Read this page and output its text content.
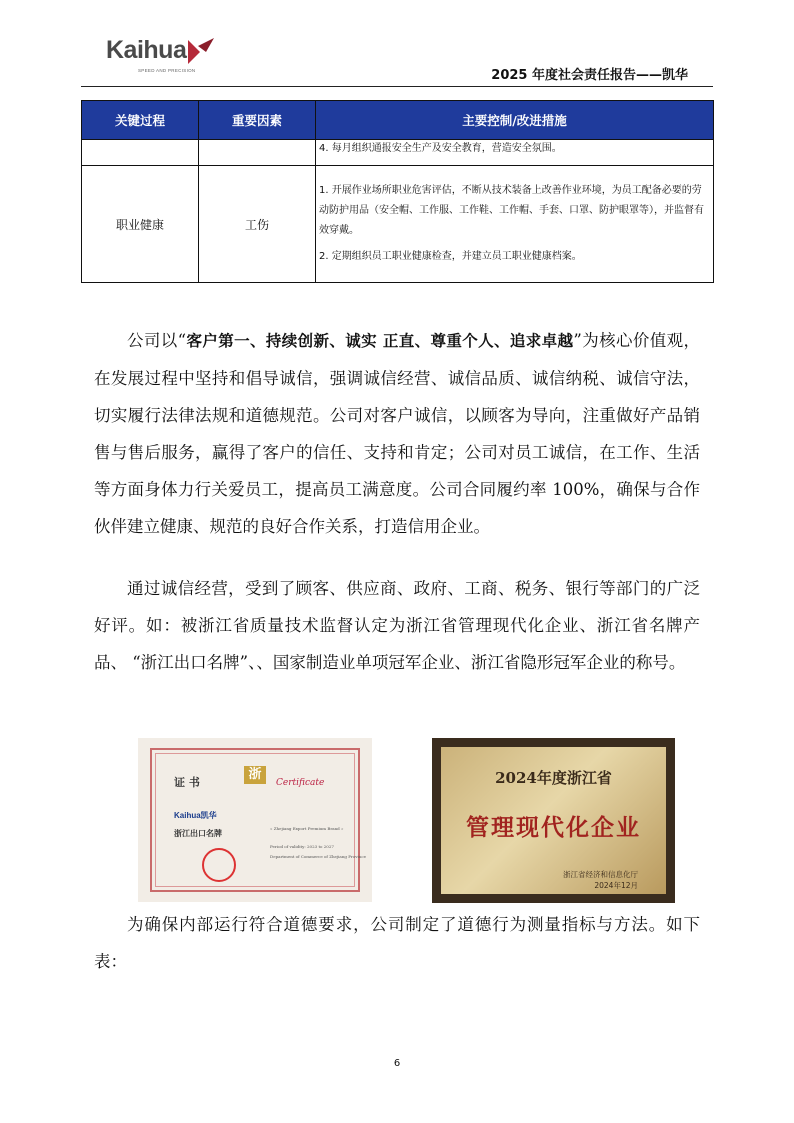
Kaihua
SPEED AND PRECISION	2025 年度社会责任报告——凯华
关键过程	重要因素	主要控制/改进措施

		4. 每月组织通报安全生产及安全教育，营造安全氛围。

职业健康	工伤	1. 开展作业场所职业危害评估，不断从技术装备上改善作业环境，为员工配备必要的劳动防护用品（安全帽、工作服、工作鞋、工作帽、手套、口罩、防护眼罩等），并监督有效穿戴。

2. 定期组织员工职业健康检查，并建立员工职业健康档案。

公司以“客户第一、持续创新、诚实 正直、尊重个人、追求卓越”为核心价值观，在发展过程中坚持和倡导诚信，强调诚信经营、诚信品质、诚信纳税、诚信守法，切实履行法律法规和道德规范。公司对客户诚信，以顾客为导向，注重做好产品销售与售后服务，赢得了客户的信任、支持和肯定；公司对员工诚信，在工作、生活等方面身体力行关爱员工，提高员工满意度。公司合同履约率 100%，确保与合作伙伴建立健康、规范的良好合作关系，打造信用企业。

通过诚信经营，受到了顾客、供应商、政府、工商、税务、银行等部门的广泛好评。如：被浙江省质量技术监督认定为浙江省管理现代化企业、浙江省名牌产品、 “浙江出口名牌”、、国家制造业单项冠军企业、浙江省隐形冠军企业的称号。

浙
证 书	Certificate
Kaihua凯华
浙江出口名牌	« Zhejiang Export Premium Brand »
Period of validity: 2023 to 2027
Department of Commerce of Zhejiang Province
2024年度浙江省
管理现代化企业
浙江省经济和信息化厅
2024年12月

为确保内部运行符合道德要求，公司制定了道德行为测量指标与方法。如下表：

6
